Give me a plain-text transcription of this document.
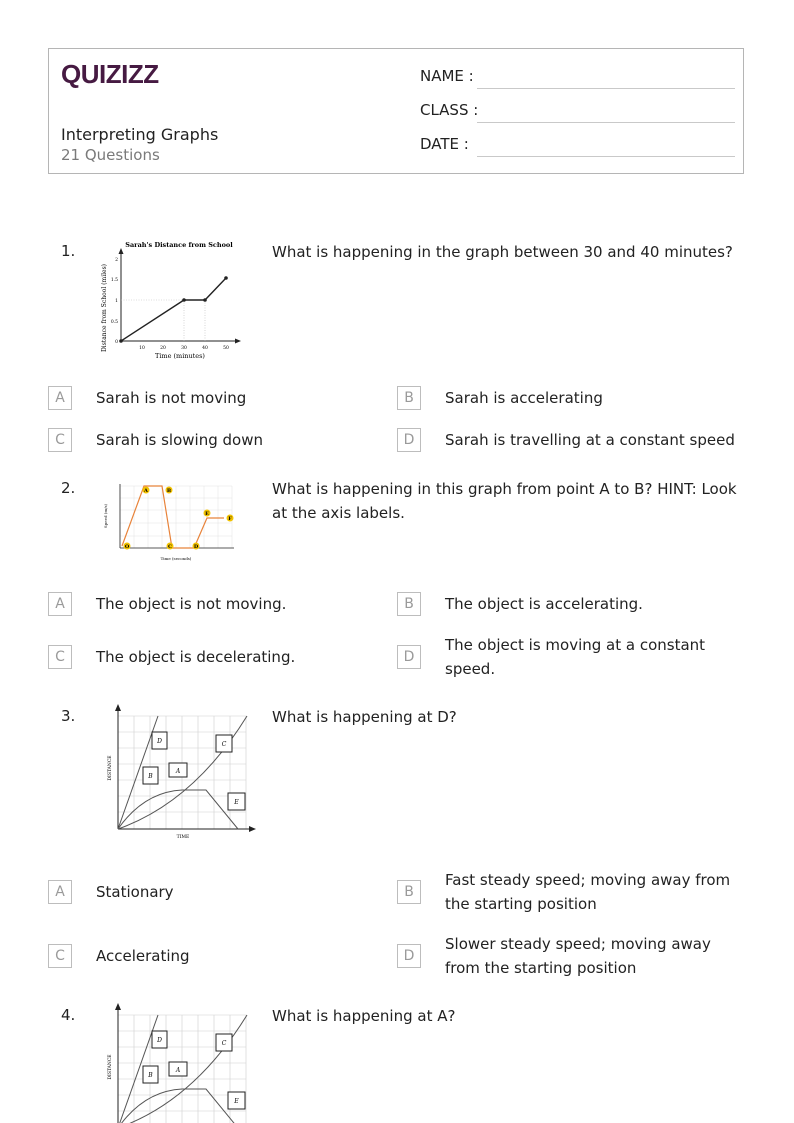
QUIZIZZ
Interpreting Graphs
21 Questions
NAME :
CLASS :
DATE :
1.	Sarah's Distance from School
Distance from School (miles)
Time (minutes)
10	20	30	40	50
0
0.5
1
1.5
2	What is happening in the graph between 30 and 40 minutes?
A	Sarah is not moving	B	Sarah is accelerating
C	Sarah is slowing down	D	Sarah is travelling at a constant speed
2.
Speed (m/s)
Time (seconds)
O
A	B
C	D
E
F
What is happening in this graph from point A to B? HINT: Look at the axis labels.
A	The object is not moving.	B	The object is accelerating.
C	The object is decelerating.	D
The object is moving at a constant speed.
3.
DISTANCE
TIME
D	C
B
A
E
What is happening at D?
A	Stationary	B
Fast steady speed; moving away from the starting position
C	Accelerating	D
Slower steady speed; moving away from the starting position
4.
DISTANCE
D	C
B
A
E
What is happening at A?
